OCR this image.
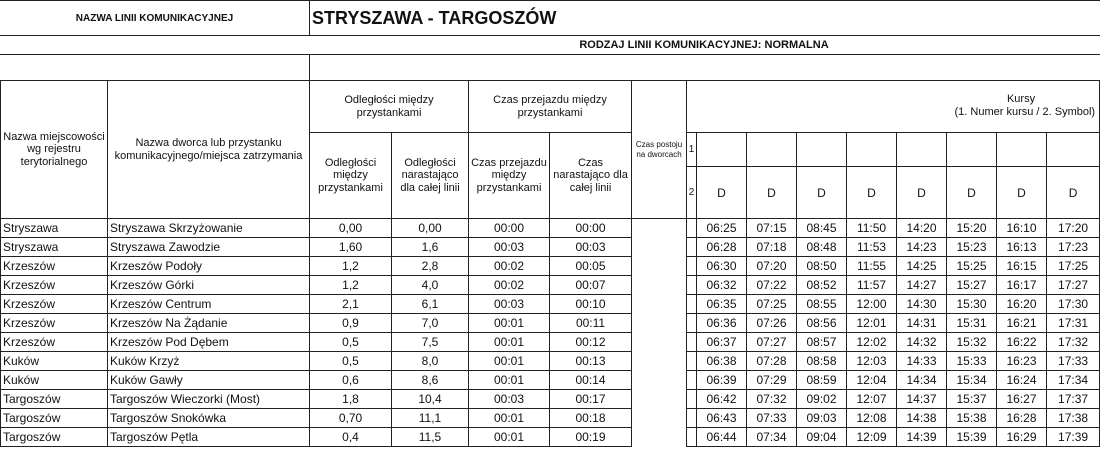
NAZWA LINII KOMUNIKACYJNEJ	STRYSZAWA - TARGOSZÓW
RODZAJ LINII KOMUNIKACYJNEJ: NORMALNA
Nazwa miejscowości wg rejestru terytorialnego	Nazwa dworca lub przystanku komunikacyjnego/miejsca zatrzymania	Odległości między przystankami		Czas przejazdu między przystankami		Czas postoju na dworcach	Kursy
(1. Numer kursu / 2. Symbol)								

		Odległości między przystankami	Odległości narastająco dla całej linii	Czas przejazdu między przystankami	Czas narastająco dla całej linii		1								
							2	D	D	D	D	D	D	D	D
Stryszawa	Stryszawa Skrzyżowanie	0,00	0,00	00:00	00:00			06:25	07:15	08:45	11:50	14:20	15:20	16:10	17:20
Stryszawa	Stryszawa Zawodzie	1,60	1,6	00:03	00:03			06:28	07:18	08:48	11:53	14:23	15:23	16:13	17:23
Krzeszów	Krzeszów Podoły	1,2	2,8	00:02	00:05			06:30	07:20	08:50	11:55	14:25	15:25	16:15	17:25
Krzeszów	Krzeszów Górki	1,2	4,0	00:02	00:07			06:32	07:22	08:52	11:57	14:27	15:27	16:17	17:27
Krzeszów	Krzeszów Centrum	2,1	6,1	00:03	00:10			06:35	07:25	08:55	12:00	14:30	15:30	16:20	17:30
Krzeszów	Krzeszów Na Żądanie	0,9	7,0	00:01	00:11			06:36	07:26	08:56	12:01	14:31	15:31	16:21	17:31
Krzeszów	Krzeszów Pod Dębem	0,5	7,5	00:01	00:12			06:37	07:27	08:57	12:02	14:32	15:32	16:22	17:32
Kuków	Kuków Krzyż	0,5	8,0	00:01	00:13			06:38	07:28	08:58	12:03	14:33	15:33	16:23	17:33
Kuków	Kuków Gawły	0,6	8,6	00:01	00:14			06:39	07:29	08:59	12:04	14:34	15:34	16:24	17:34
Targoszów	Targoszów Wieczorki (Most)	1,8	10,4	00:03	00:17			06:42	07:32	09:02	12:07	14:37	15:37	16:27	17:37
Targoszów	Targoszów Snokówka	0,70	11,1	00:01	00:18			06:43	07:33	09:03	12:08	14:38	15:38	16:28	17:38
Targoszów	Targoszów Pętla	0,4	11,5	00:01	00:19			06:44	07:34	09:04	12:09	14:39	15:39	16:29	17:39
